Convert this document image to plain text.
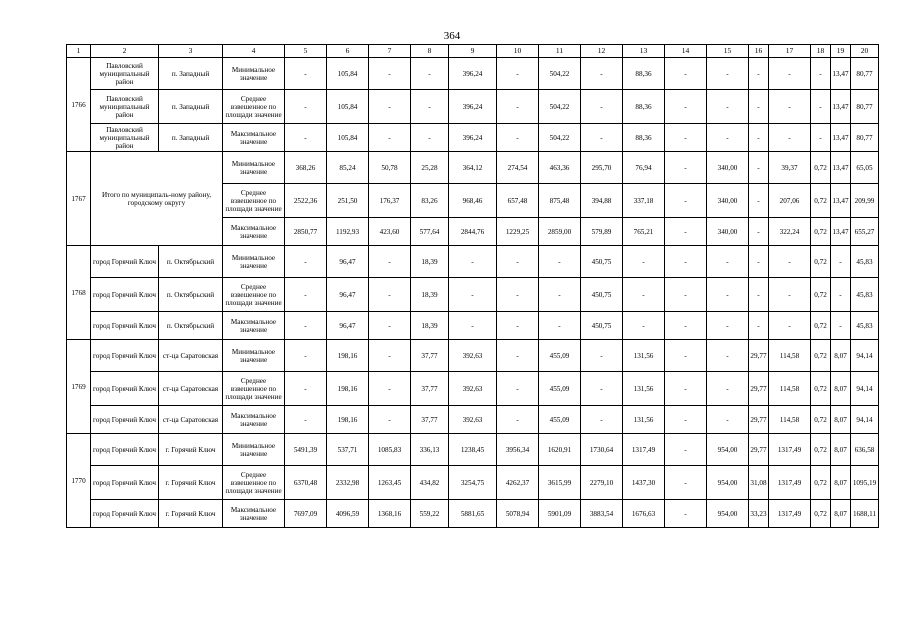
364
1	2	3	4	5	6	7	8	9	10	11	12	13	14	15	16	17	18	19	20
1766	Павловский муниципальный район	п. Западный	Минимальное значение	-	105,84	-	-	396,24	-	504,22	-	88,36	-	-	-	-	-	13,47	80,77
	Павловский муниципальный район	п. Западный	Среднее взвешенное по площади значение	-	105,84	-	-	396,24	-	504,22	-	88,36	-	-	-	-	-	13,47	80,77
	Павловский муниципальный район	п. Западный	Максимальное значение	-	105,84	-	-	396,24	-	504,22	-	88,36	-	-	-	-	-	13,47	80,77
1767	Итого по муниципаль-ному району, городскому округу		Минимальное значение	368,26	85,24	50,78	25,28	364,12	274,54	463,36	295,70	76,94	-	340,00	-	39,37	0,72	13,47	65,05
			Среднее взвешенное по площади значение	2522,36	251,50	176,37	83,26	968,46	657,48	875,48	394,88	337,18	-	340,00	-	207,06	0,72	13,47	209,99
			Максимальное значение	2850,77	1192,93	423,60	577,64	2844,76	1229,25	2859,00	579,89	765,21	-	340,00	-	322,24	0,72	13,47	655,27
1768	город Горячий Ключ	п. Октябрьский	Минимальное значение	-	96,47	-	18,39	-	-	-	450,75	-	-	-	-	-	0,72	-	45,83
	город Горячий Ключ	п. Октябрьский	Среднее взвешенное по площади значение	-	96,47	-	18,39	-	-	-	450,75	-	-	-	-	-	0,72	-	45,83
	город Горячий Ключ	п. Октябрьский	Максимальное значение	-	96,47	-	18,39	-	-	-	450,75	-	-	-	-	-	0,72	-	45,83
1769	город Горячий Ключ	ст-ца Саратовская	Минимальное значение	-	198,16	-	37,77	392,63	-	455,09	-	131,56	-	-	29,77	114,58	0,72	8,07	94,14
	город Горячий Ключ	ст-ца Саратовская	Среднее взвешенное по площади значение	-	198,16	-	37,77	392,63	-	455,09	-	131,56	-	-	29,77	114,58	0,72	8,07	94,14
	город Горячий Ключ	ст-ца Саратовская	Максимальное значение	-	198,16	-	37,77	392,63	-	455,09	-	131,56	-	-	29,77	114,58	0,72	8,07	94,14
1770	город Горячий Ключ	г. Горячий Ключ	Минимальное значение	5491,39	537,71	1085,83	336,13	1238,45	3956,34	1620,91	1730,64	1317,49	-	954,00	29,77	1317,49	0,72	8,07	636,58
	город Горячий Ключ	г. Горячий Ключ	Среднее взвешенное по площади значение	6370,48	2332,98	1263,45	434,82	3254,75	4262,37	3615,99	2279,10	1437,30	-	954,00	31,08	1317,49	0,72	8,07	1095,19
	город Горячий Ключ	г. Горячий Ключ	Максимальное значение	7697,09	4096,59	1368,16	559,22	5881,65	5078,94	5901,09	3883,54	1676,63	-	954,00	33,23	1317,49	0,72	8,07	1688,11
